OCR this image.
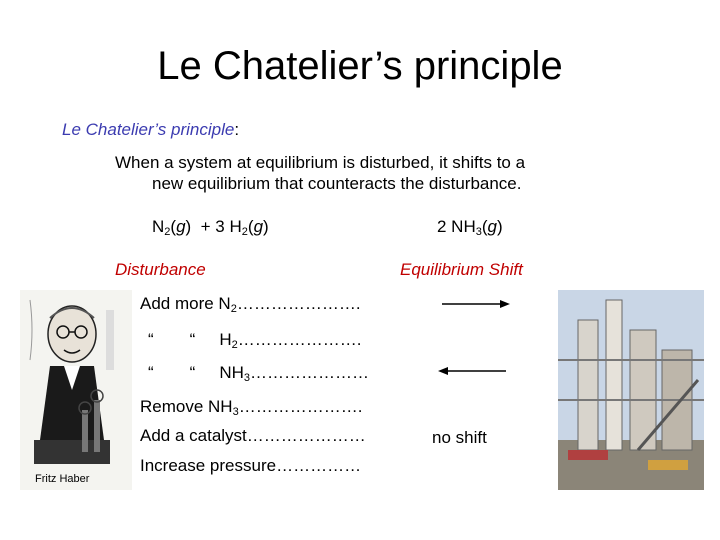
Le Chatelier’s principle
Le Chatelier’s principle:
When a system at equilibrium is disturbed, it shifts to a
new equilibrium that counteracts the disturbance.
$N_2(g) + 3$ $H_2(g)$	2 $NH_3(g)$
Disturbance	Equilibrium Shift
Add more $N_2\dots\dots\dots\dots\dots\dots\dots$.
“ “ $H_2\dots\dots\dots\dots\dots\dots\dots$.
“ “ $NH_3\dots\dots\dots\dots\dots\dots\dots$
Remove $NH_3\dots\dots\dots\dots\dots\dots\dots$.
Add a catalyst…………………	no shift
Increase pressure……………
Fritz Haber
